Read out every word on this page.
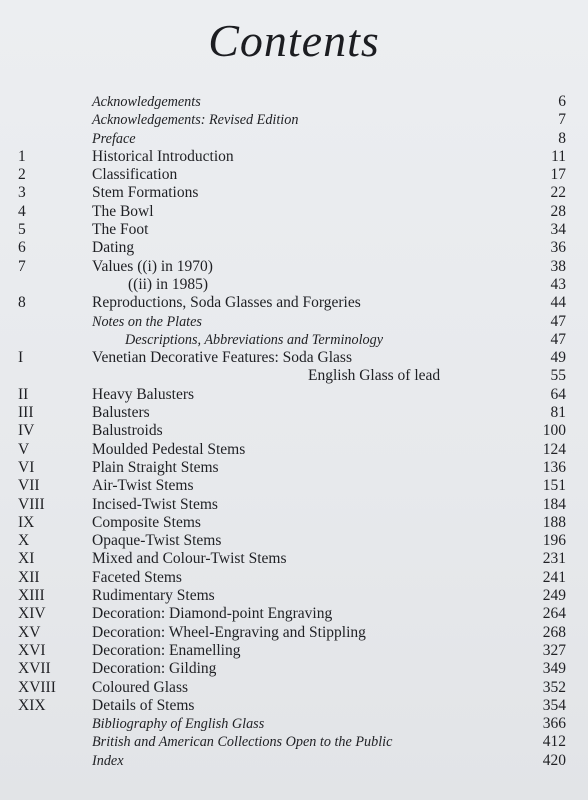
Contents
Acknowledgements	6
Acknowledgements: Revised Edition	7
Preface	8
1	Historical Introduction	11
2	Classification	17
3	Stem Formations	22
4	The Bowl	28
5	The Foot	34
6	Dating	36
7	Values ((i) in 1970)	38
((ii) in 1985)	43
8	Reproductions, Soda Glasses and Forgeries	44
Notes on the Plates	47
Descriptions, Abbreviations and Terminology	47
I	Venetian Decorative Features: Soda Glass	49
English Glass of lead	55
II	Heavy Balusters	64
III	Balusters	81
IV	Balustroids	100
V	Moulded Pedestal Stems	124
VI	Plain Straight Stems	136
VII	Air-Twist Stems	151
VIII	Incised-Twist Stems	184
IX	Composite Stems	188
X	Opaque-Twist Stems	196
XI	Mixed and Colour-Twist Stems	231
XII	Faceted Stems	241
XIII	Rudimentary Stems	249
XIV	Decoration: Diamond-point Engraving	264
XV	Decoration: Wheel-Engraving and Stippling	268
XVI	Decoration: Enamelling	327
XVII	Decoration: Gilding	349
XVIII Coloured Glass	352
XIX	Details of Stems	354
Bibliography of English Glass	366
British and American Collections Open to the Public	412
Index	420
